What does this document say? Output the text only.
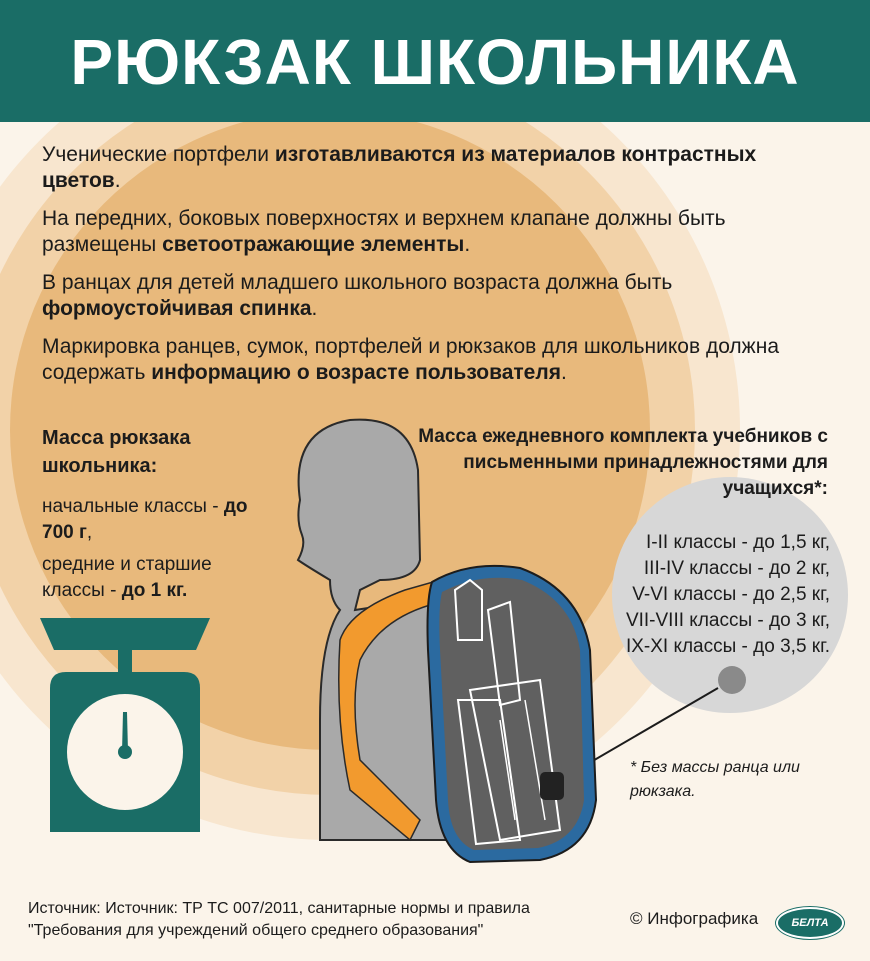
РЮКЗАК ШКОЛЬНИКА
Ученические портфели изготавливаются из материалов контрастных цветов.
На передних, боковых поверхностях и верхнем клапане должны быть размещены светоотражающие элементы.
В ранцах для детей младшего школьного возраста должна быть формоустойчивая спинка.
Маркировка ранцев, сумок, портфелей и рюкзаков для школьников должна содержать информацию о возрасте пользователя.
Масса рюкзака школьника:
начальные классы - до 700 г,
средние и старшие классы - до 1 кг.
Масса ежедневного комплекта учебников с письменными принадлежностями для учащихся*:
I-II классы - до 1,5 кг,
III-IV классы - до 2 кг,
V-VI классы - до 2,5 кг,
VII-VIII классы - до 3 кг,
IX-XI классы - до 3,5 кг.
* Без массы ранца или рюкзака.
Источник: Источник: ТР ТС 007/2011, санитарные нормы и правила
"Требования для учреждений общего среднего образования"
© Инфографика	БЕЛТА
